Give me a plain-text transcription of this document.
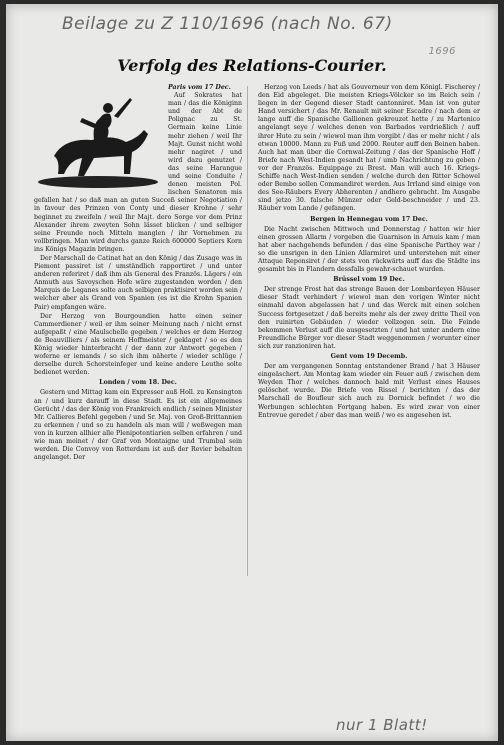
Beilage zu Z 110/1696 (nach No. 67)
1696
Verfolg des Relations-Courier.
Paris vom 17 Dec.

Auf Sokrates hat man / das die Königinn und der Abt de Polignac zu St. Germain keine Linie mehr ziehen / weil Ihr Majt. Gunst nicht wohl mehr nagiret / und wird dazu genutzet / das seine Harangue und seine Conduite / denen meisten Pol. lischen Senatoren mis gefallen hat / so daß man an guten Succeß seiner Negotiation / in favour des Prinzen von Conty und dieser Krohne / sehr beginnet zu zweifeln / weil Ihr Majt. dero Sorge vor dem Prinz Alexander ihrem zweyten Sohn lässet blicken / und selbiger seine Freunde noch Mitteln manglen / ihr Vornehmen zu vollbringen. Man wird durchs ganze Reich 600000 Septiers Korn ins Königs Magazin bringen.

Der Marschall de Catinat hat an den König / das Zusage was in Piemont passiret ist / umständlich rapportiret / und unter anderen referiret / daß ihm als General des Französ. Lägers / ein Anmuth aus Savoyschen Hofe wäre zugestanden worden / den Marquis de Leganes solte auch selbigen praktisiret worden sein / welcher aber als Grand von Spanien (es ist die Krohn Spanien Pair) empfangen wäre.

Der Herzog von Bourgoundien hatte einen seiner Cammerdiener / weil er ihm seiner Meinung nach / nicht ernst aufgepaßt / eine Maulschelle gegeben / welches er dem Herzog de Beauvilliers / als seinem Hoffmeister / geklaget / so es den König wieder hinterbracht / der dann zur Antwort gegeben / woferne er iemands / so sich ihm näherte / wieder schlüge / derselbe durch Schorsteinfeger und keine andere Leuthe solte bedienet werden.

Londen / vom 18. Dec.

Gestern und Mittag kam ein Expresser auß Holl. zu Kensington an / und kurz darauff in diese Stadt. Es ist ein allgemeines Gerücht / das der König von Frankreich endlich / seinen Minister Mr. Callieres Befehl gegeben / und Sr. Maj. von Groß-Brittannien zu erkennen / und so zu handeln als man will / weßwegen man von in kurzen allhier alle Plenipotentiarien selben erfahren / und wie man meinet / der Graf von Montaigne und Trumbal sein werden. Die Convoy von Rotterdam ist auß der Revier behalten angelanget. Der

Herzog von Leeds / hat als Gouverneur von dem Königl. Fischerey / den Eid abgeleget. Die meisten Kriegs-Völcker so im Reich sein / liegen in der Gegend dieser Stadt cantonniret. Man ist von guter Hand versichert / das Mr. Renault mit seiner Escadre / nach dem er lange auff die Spanische Gallionen gekreuzet hette / zu Martenico angelangt seye / welches denen von Barbados verdrießlich / auff ihrer Hute zu sein / wiewol man ihm vorgibt / das er mehr nicht / als etwan 10000. Mann zu Fuß und 2000. Reuter auff den Beinen haben. Auch hat man über die Cornwal-Zeitung / das der Spanische Hoff / Briefe nach West-Indien gesandt hat / umb Nachrichtung zu geben / vor der Französ. Equippage zu Brest. Man will auch 16. Kriegs-Schiffe nach West-Indien senden / welche durch den Ritter Schowel oder Bembo sollen Commandiret werden. Aus Irrland sind einige von des See-Räubers Every Abherenten / andhero gebracht. Im Ausgabe sind jetzo 30. falsche Münzer oder Geld-beschneider / und 23. Räuber vom Lande / gefangen.

Bergen in Hennegau vom 17 Dec.

Die Nacht zwischen Mittwoch und Donnerstag / hatten wir hier einen grossen Allarm / vorgeben die Guarnison in Arnuis kam / man hat aber nachgehends befunden / das eine Spanische Parthey war / so die unsrigen in den Linien Allarmiret und unterstehen mit einer Attaque Reponsiret / der stets von rückwärts auff das die Städte ins gesambt bis in Flandern dessfalls gewahr-schauet wurden.

Brüssel vom 19 Dec.

Der strenge Frost hat das strenge Bauen der Lombardeyen Häuser dieser Stadt verhindert / wiewol man den vorigen Winter nicht einmahl davon abgelassen hat / und das Werck mit einen solchen Success fortgesetzet / daß bereits mehr als der zwey dritte Theil von den ruinirten Gebäuden / wieder vollzogen sein. Die Feinde bekommen Verlust auff die ausgesetzten / und hat unter andern eine Freundliche Bürger vor dieser Stadt weggenommen / worunter einer sich zur ranzioniren hat.

Gent vom 19 Decemb.

Der am vergangenen Sonntag entstandener Brand / hat 3 Häuser eingeäschert. Am Montag kam wieder ein Feuer auß / zwischen dem Weyden Thor / welches dannoch bald mit Verlust eines Hauses gelöschet wurde. Die Briefe von Rissel / berichten / das der Marschall de Boufleur sich auch zu Dornick befindet / wo die Werbungen schlechten Fortgang haben. Es wird zwar von einer Entrevue geredet / aber das man weiß / wo es angesehen ist.

nur 1 Blatt!
